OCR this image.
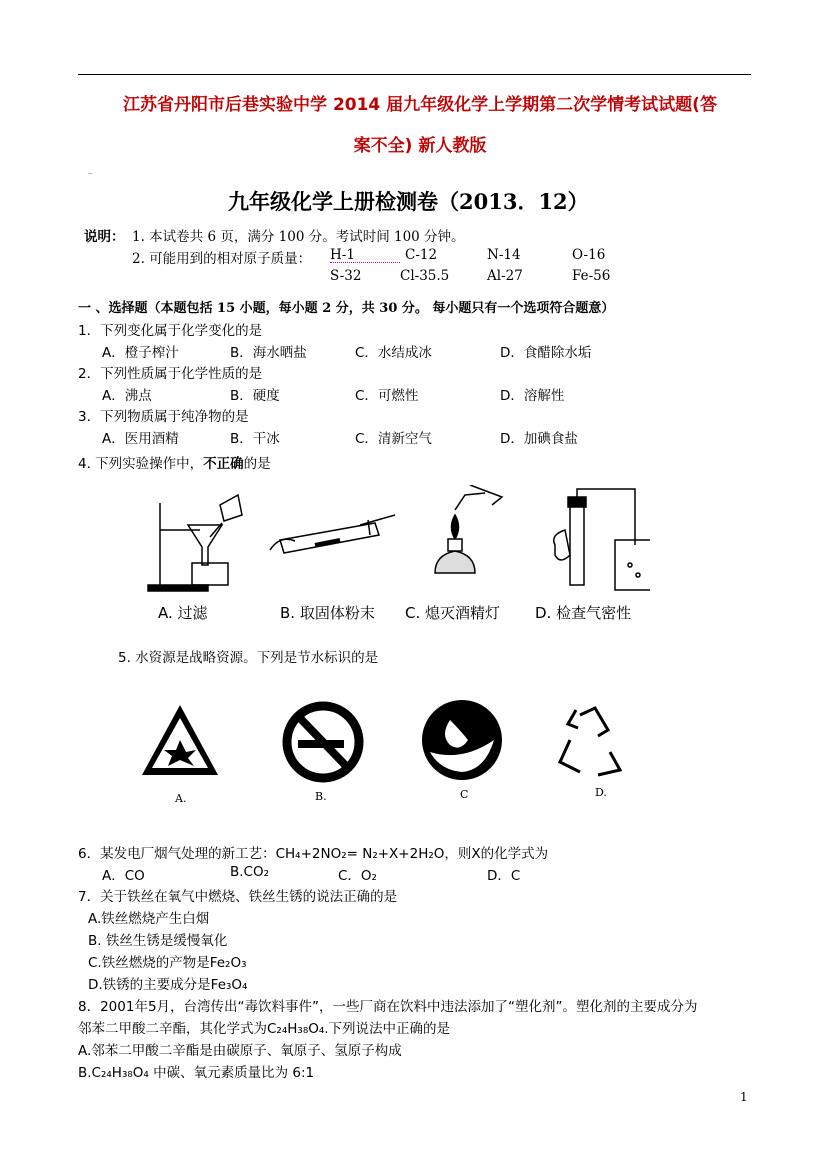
江苏省丹阳市后巷实验中学 2014 届九年级化学上学期第二次学情考试试题(答
案不全) 新人教版
–
九年级化学上册检测卷（2013．12）
说明： 1. 本试卷共 6 页，满分 100 分。考试时间 100 分钟。
2. 可能用到的相对原子质量： H-1	C-12	N-14	O-16
S-32	Cl-35.5	Al-27	Fe-56
一 、选择题（本题包括 15 小题，每小题 2 分，共 30 分。 每小题只有一个选项符合题意）
1．下列变化属于化学变化的是
A．橙子榨汁	B．海水晒盐	C．水结成冰	D．食醋除水垢
2．下列性质属于化学性质的是
A．沸点	B．硬度	C．可燃性	D．溶解性
3．下列物质属于纯净物的是
A．医用酒精	B．干冰	C．清新空气	D．加碘食盐
4. 下列实验操作中，不正确的是
A. 过滤	B. 取固体粉末 C. 熄灭酒精灯 D. 检查气密性
5. 水资源是战略资源。下列是节水标识的是
A.	B.	C	D.
6．某发电厂烟气处理的新工艺：CH₄+2NO₂= N₂+X+2H₂O，则X的化学式为
A．CO	B.CO₂	C．O₂	D．C
7．关于铁丝在氧气中燃烧、铁丝生锈的说法正确的是
A.铁丝燃烧产生白烟
B. 铁丝生锈是缓慢氧化
C.铁丝燃烧的产物是Fe₂O₃
D.铁锈的主要成分是Fe₃O₄
8．2001年5月，台湾传出“毒饮料事件”，一些厂商在饮料中违法添加了“塑化剂”。塑化剂的主要成分为
邻苯二甲酸二辛酯，其化学式为C₂₄H₃₈O₄.下列说法中正确的是
A.邻苯二甲酸二辛酯是由碳原子、氧原子、氢原子构成
B.C₂₄H₃₈O₄ 中碳、氧元素质量比为 6:1
1
